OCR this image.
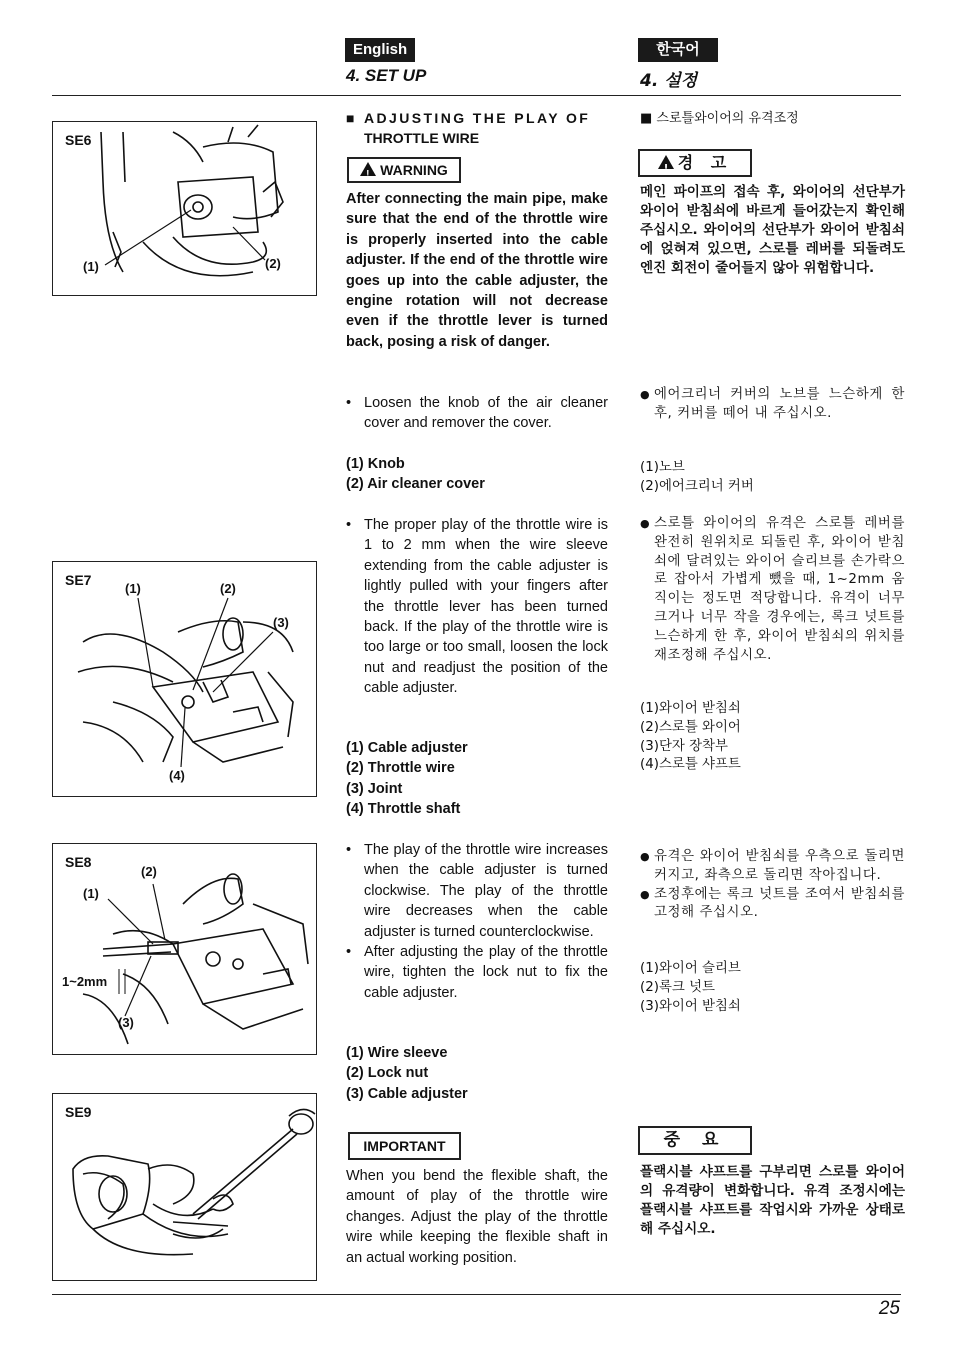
English	한국어
4. SET UP	4. 설정
SE6
(1)	(2)
SE7
(1)	(2)
(3)
(4)
SE8
(2)
(1)
1~2mm
(3)
SE9
■ ADJUSTING THE PLAY OF
THROTTLE WIRE
!WARNING
After connecting the main pipe, make sure that the end of the throttle wire is properly inserted into the cable adjuster. If the end of the throttle wire goes up into the cable adjuster, the engine rotation will not decrease even if the throttle lever is turned back, posing a risk of danger.
• Loosen the knob of the air cleaner cover and remover the cover.
(1) Knob
(2) Air cleaner cover
• The proper play of the throttle wire is 1 to 2 mm when the wire sleeve extending from the cable adjuster is lightly pulled with your fingers after the throttle lever has been turned back. If the play of the throttle wire is too large or too small, loosen the lock nut and readjust the position of the cable adjuster.
(1) Cable adjuster
(2) Throttle wire
(3) Joint
(4) Throttle shaft
• The play of the throttle wire increases when the cable adjuster is turned clockwise. The play of the throttle wire decreases when the cable adjuster is turned counterclockwise.
• After adjusting the play of the throttle wire, tighten the lock nut to fix the cable adjuster.
(1) Wire sleeve
(2) Lock nut
(3) Cable adjuster
IMPORTANT
When you bend the flexible shaft, the amount of play of the throttle wire changes. Adjust the play of the throttle wire while keeping the flexible shaft in an actual working position.
■ 스로틀와이어의 유격조정
!경 고
메인 파이프의 접속 후, 와이어의 선단부가 와이어 받침쇠에 바르게 들어갔는지 확인해 주십시오. 와이어의 선단부가 와이어 받침쇠에 얹혀져 있으면, 스로틀 레버를 되돌려도 엔진 회전이 줄어들지 않아 위험합니다.
● 에어크리너 커버의 노브를 느슨하게 한 후, 커버를 떼어 내 주십시오.
(1)노브
(2)에어크리너 커버
● 스로틀 와이어의 유격은 스로틀 레버를 완전히 원위치로 되돌린 후, 와이어 받침쇠에 달려있는 와이어 슬리브를 손가락으로 잡아서 가볍게 뺐을 때, 1~2mm 움직이는 정도면 적당합니다. 유격이 너무 크거나 너무 작을 경우에는, 록크 넛트를 느슨하게 한 후, 와이어 받침쇠의 위치를 재조정해 주십시오.
(1)와이어 받침쇠
(2)스로틀 와이어
(3)단자 장착부
(4)스로틀 샤프트
● 유격은 와이어 받침쇠를 우측으로 돌리면 커지고, 좌측으로 돌리면 작아집니다.
● 조정후에는 록크 넛트를 조여서 받침쇠를 고정해 주십시오.
(1)와이어 슬리브
(2)록크 넛트
(3)와이어 받침쇠
중 요
플랙시블 샤프트를 구부리면 스로틀 와이어의 유격량이 변화합니다. 유격 조정시에는 플랙시블 샤프트를 작업시와 가까운 상태로 해 주십시오.
25
